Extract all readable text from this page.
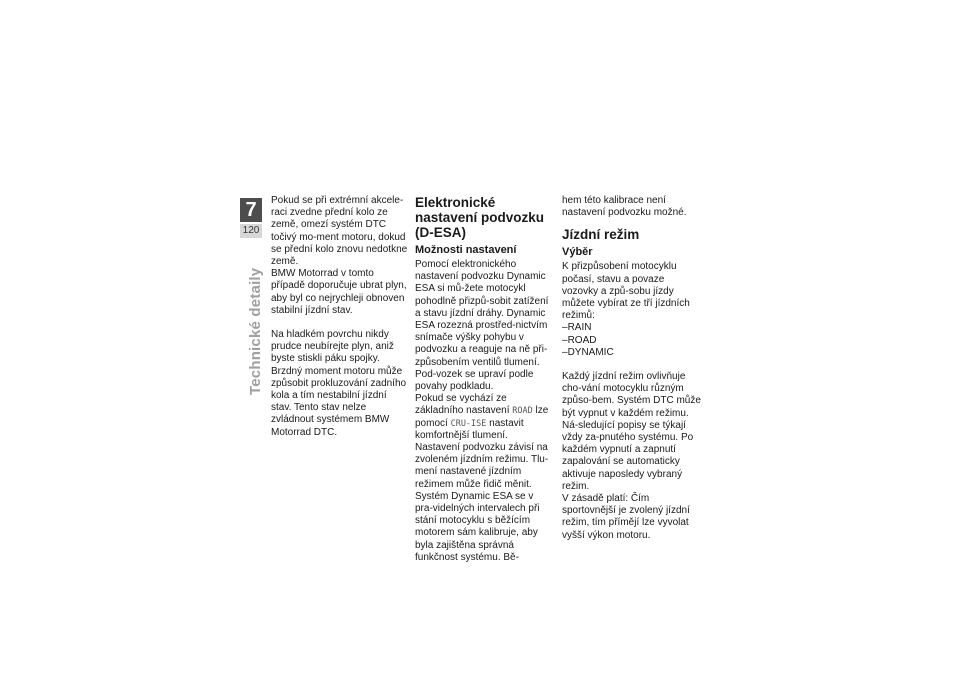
7
120
Technické detaily

Pokud se při extrémní akcele-raci zvedne přední kolo ze země, omezí systém DTC točivý mo-ment motoru, dokud se přední kolo znovu nedotkne země.

BMW Motorrad v tomto případě doporučuje ubrat plyn, aby byl co nejrychleji obnoven stabilní jízdní stav.

Na hladkém povrchu nikdy prudce neubírejte plyn, aniž byste stiskli páku spojky. Brzdný moment motoru může způsobit prokluzování zadního kola a tím nestabilní jízdní stav. Tento stav nelze zvládnout systémem BMW Motorrad DTC.

Elektronické nastavení podvozku (D-ESA)
Možnosti nastavení

Pomocí elektronického nastavení podvozku Dynamic ESA si mů-žete motocykl pohodlně přizpů-sobit zatížení a stavu jízdní dráhy. Dynamic ESA rozezná prostřed-nictvím snímače výšky pohybu v podvozku a reaguje na ně při-způsobením ventilů tlumení. Pod-vozek se upraví podle povahy podkladu.

Pokud se vychází ze základního nastavení ROAD lze pomocí CRU-ISE nastavit komfortnější tlumení.

Nastavení podvozku závisí na zvoleném jízdním režimu. Tlu-mení nastavené jízdním režimem může řidič měnit.

Systém Dynamic ESA se v pra-videlných intervalech při stání motocyklu s běžícím motorem sám kalibruje, aby byla zajištěna správná funkčnost systému. Bě-

hem této kalibrace není nastavení podvozku možné.

Jízdní režim
Výběr

K přizpůsobení motocyklu počasí, stavu a povaze vozovky a způ-sobu jízdy můžete vybírat ze tří jízdních režimů:

– RAIN
– ROAD
– DYNAMIC

Každý jízdní režim ovlivňuje cho-vání motocyklu různým způso-bem. Systém DTC může být vypnut v každém režimu. Ná-sledující popisy se týkají vždy za-pnutého systému. Po každém vypnutí a zapnutí zapalování se automaticky aktivuje naposledy vybraný režim.

V zásadě platí: Čím sportovnější je zvolený jízdní režim, tím přímějí lze vyvolat vyšší výkon motoru.
